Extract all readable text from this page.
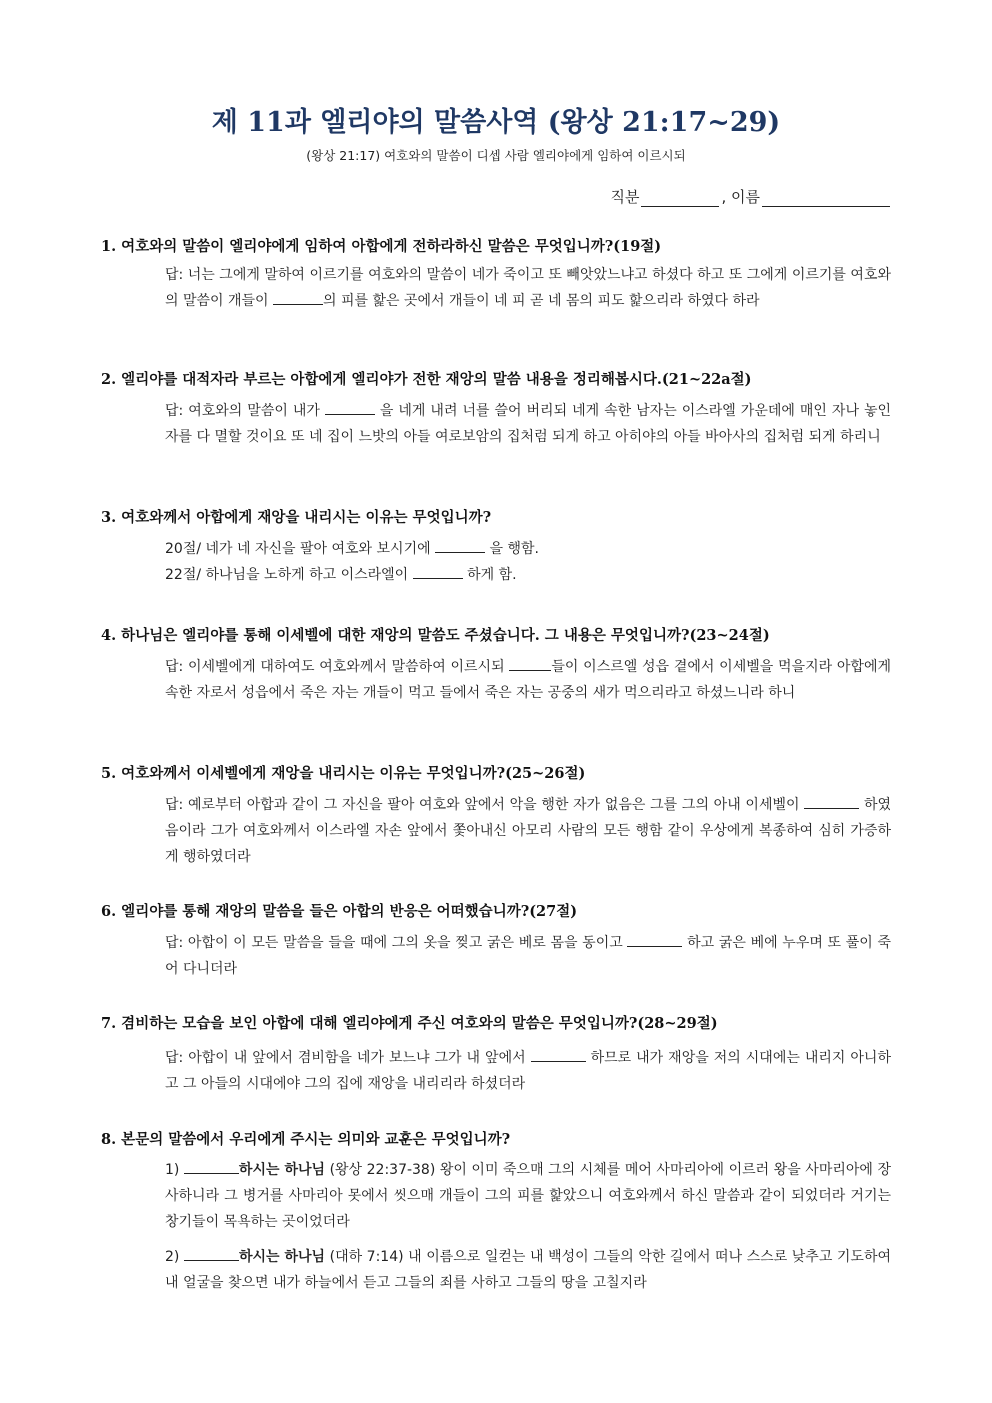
제 11과 엘리야의 말씀사역 (왕상 21:17~29)
(왕상 21:17) 여호와의 말씀이 디셉 사람 엘리야에게 임하여 이르시되
직분	, 이름
1. 여호와의 말씀이 엘리야에게 임하여 아합에게 전하라하신 말씀은 무엇입니까?(19절)
답: 너는 그에게 말하여 이르기를 여호와의 말씀이 네가 죽이고 또 빼앗았느냐고 하셨다 하고 또 그에게 이르기를 여호와의 말씀이 개들이	의 피를 핥은 곳에서 개들이 네 피 곧 네 몸의 피도 핥으리라 하였다 하라
2. 엘리야를 대적자라 부르는 아합에게 엘리야가 전한 재앙의 말씀 내용을 정리해봅시다.(21~22a절)
답: 여호와의 말씀이 내가	을 네게 내려 너를 쓸어 버리되 네게 속한 남자는 이스라엘 가운데에 매인 자나 놓인 자를 다 멸할 것이요 또 네 집이 느밧의 아들 여로보암의 집처럼 되게 하고 아히야의 아들 바아사의 집처럼 되게 하리니
3. 여호와께서 아합에게 재앙을 내리시는 이유는 무엇입니까?
20절/ 네가 네 자신을 팔아 여호와 보시기에	을 행함.
22절/ 하나님을 노하게 하고 이스라엘이	하게 함.
4. 하나님은 엘리야를 통해 이세벨에 대한 재앙의 말씀도 주셨습니다. 그 내용은 무엇입니까?(23~24절)
답: 이세벨에게 대하여도 여호와께서 말씀하여 이르시되	들이 이스르엘 성읍 곁에서 이세벨을 먹을지라 아합에게 속한 자로서 성읍에서 죽은 자는 개들이 먹고 들에서 죽은 자는 공중의 새가 먹으리라고 하셨느니라 하니
5. 여호와께서 이세벨에게 재앙을 내리시는 이유는 무엇입니까?(25~26절)
답: 예로부터 아합과 같이 그 자신을 팔아 여호와 앞에서 악을 행한 자가 없음은 그를 그의 아내 이세벨이	하였음이라 그가 여호와께서 이스라엘 자손 앞에서 쫓아내신 아모리 사람의 모든 행함 같이 우상에게 복종하여 심히 가증하게 행하였더라
6. 엘리야를 통해 재앙의 말씀을 들은 아합의 반응은 어떠했습니까?(27절)
답: 아합이 이 모든 말씀을 들을 때에 그의 옷을 찢고 굵은 베로 몸을 동이고	하고 굵은 베에 누우며 또 풀이 죽어 다니더라
7. 겸비하는 모습을 보인 아합에 대해 엘리야에게 주신 여호와의 말씀은 무엇입니까?(28~29절)
답: 아합이 내 앞에서 겸비함을 네가 보느냐 그가 내 앞에서	하므로 내가 재앙을 저의 시대에는 내리지 아니하고 그 아들의 시대에야 그의 집에 재앙을 내리리라 하셨더라
8. 본문의 말씀에서 우리에게 주시는 의미와 교훈은 무엇입니까?
1)	하시는 하나님 (왕상 22:37-38) 왕이 이미 죽으매 그의 시체를 메어 사마리아에 이르러 왕을 사마리아에 장사하니라 그 병거를 사마리아 못에서 씻으매 개들이 그의 피를 핥았으니 여호와께서 하신 말씀과 같이 되었더라 거기는 창기들이 목욕하는 곳이었더라
2)	하시는 하나님 (대하 7:14) 내 이름으로 일컫는 내 백성이 그들의 악한 길에서 떠나 스스로 낮추고 기도하여 내 얼굴을 찾으면 내가 하늘에서 듣고 그들의 죄를 사하고 그들의 땅을 고칠지라
